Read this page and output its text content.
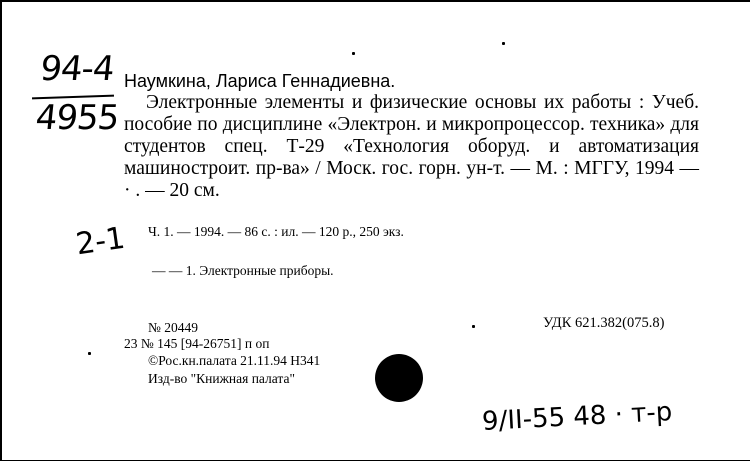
94-4
4955
Наумкина, Лариса Геннадиевна.
Электронные элементы и физические основы их работы : Учеб. пособие по дисциплине «Электрон. и микропроцессор. техника» для студентов спец. Т-29 «Технология оборуд. и автоматизация машиностроит. пр-ва» / Моск. гос. горн. ун-т. — М. : МГГУ, 1994 — · . — 20 см.
2-1 Ч. 1. — 1994. — 86 с. : ил. — 120 р., 250 экз.
— — 1. Электронные приборы.
УДК 621.382(075.8)
№ 20449
23 № 145 [94-26751] п оп
©Рос.кн.палата 21.11.94 Н341
Изд-во "Книжная палата"
9/II-55 48 · т-р
